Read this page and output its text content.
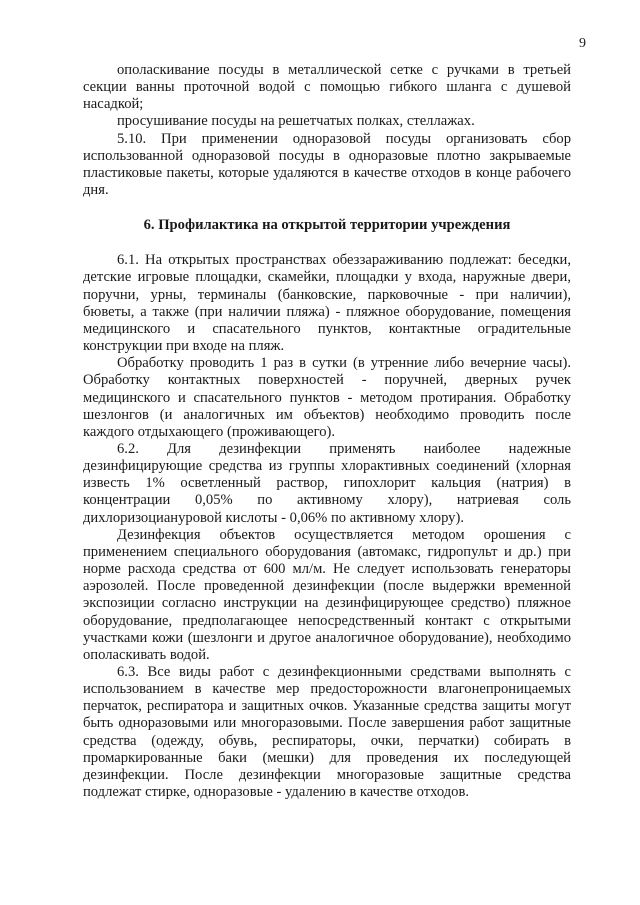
9

ополаскивание посуды в металлической сетке с ручками в третьей секции ванны проточной водой с помощью гибкого шланга с душевой насадкой;

просушивание посуды на решетчатых полках, стеллажах.

5.10. При применении одноразовой посуды организовать сбор использованной одноразовой посуды в одноразовые плотно закрываемые пластиковые пакеты, которые удаляются в качестве отходов в конце рабочего дня.

6. Профилактика на открытой территории учреждения

6.1. На открытых пространствах обеззараживанию подлежат: беседки, детские игровые площадки, скамейки, площадки у входа, наружные двери, поручни, урны, терминалы (банковские, парковочные - при наличии), бюветы, а также (при наличии пляжа) - пляжное оборудование, помещения медицинского и спасательного пунктов, контактные оградительные конструкции при входе на пляж.

Обработку проводить 1 раз в сутки (в утренние либо вечерние часы). Обработку контактных поверхностей - поручней, дверных ручек медицинского и спасательного пунктов - методом протирания. Обработку шезлонгов (и аналогичных им объектов) необходимо проводить после каждого отдыхающего (проживающего).

6.2. Для дезинфекции применять наиболее надежные дезинфицирующие средства из группы хлорактивных соединений (хлорная известь 1% осветленный раствор, гипохлорит кальция (натрия) в концентрации 0,05% по активному хлору), натриевая соль дихлоризоциануровой кислоты - 0,06% по активному хлору).

Дезинфекция объектов осуществляется методом орошения с применением специального оборудования (автомакс, гидропульт и др.) при норме расхода средства от 600 мл/м. Не следует использовать генераторы аэрозолей. После проведенной дезинфекции (после выдержки временной экспозиции согласно инструкции на дезинфицирующее средство) пляжное оборудование, предполагающее непосредственный контакт с открытыми участками кожи (шезлонги и другое аналогичное оборудование), необходимо ополаскивать водой.

6.3. Все виды работ с дезинфекционными средствами выполнять с использованием в качестве мер предосторожности влагонепроницаемых перчаток, респиратора и защитных очков. Указанные средства защиты могут быть одноразовыми или многоразовыми. После завершения работ защитные средства (одежду, обувь, респираторы, очки, перчатки) собирать в промаркированные баки (мешки) для проведения их последующей дезинфекции. После дезинфекции многоразовые защитные средства подлежат стирке, одноразовые - удалению в качестве отходов.
